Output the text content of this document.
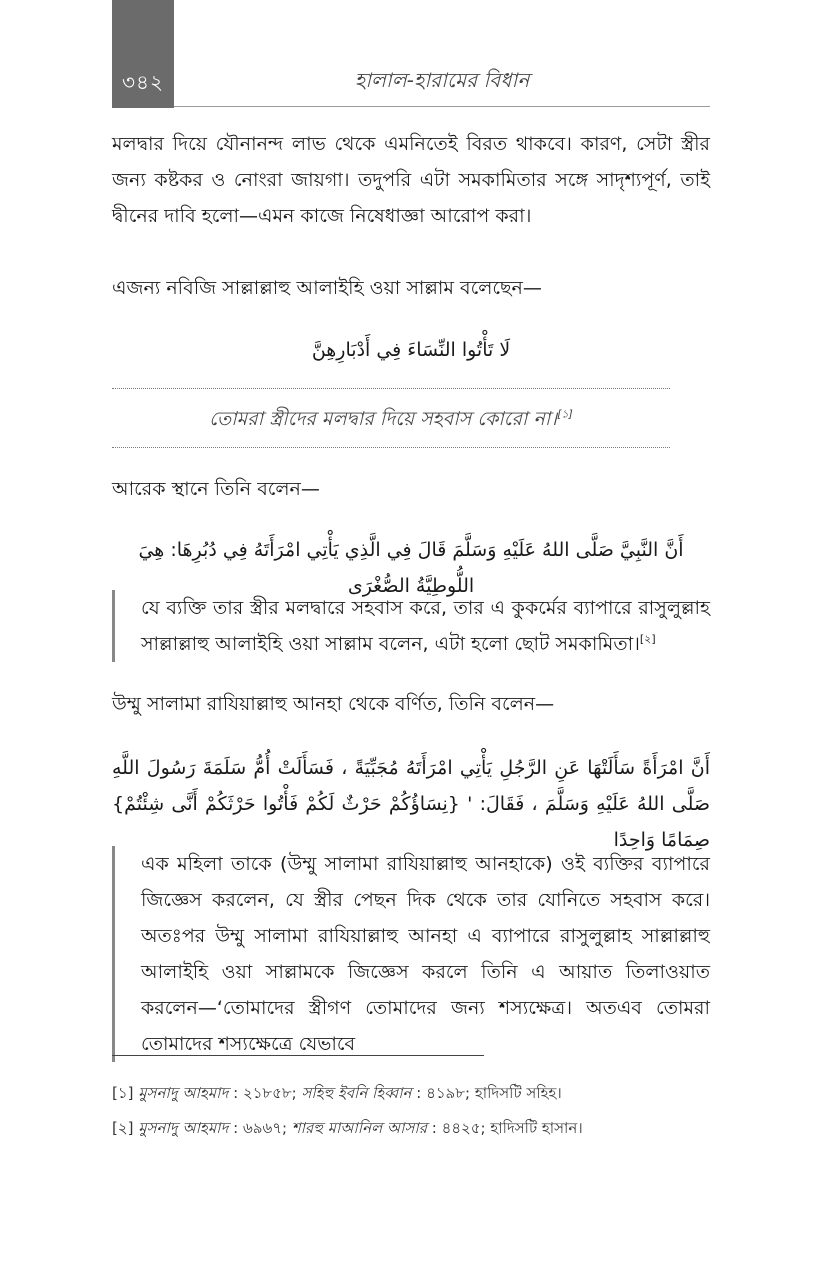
৩৪২	হালাল-হারামের বিধান

মলদ্বার দিয়ে যৌনানন্দ লাভ থেকে এমনিতেই বিরত থাকবে। কারণ, সেটা স্ত্রীর জন্য কষ্টকর ও নোংরা জায়গা। তদুপরি এটা সমকামিতার সঙ্গে সাদৃশ্যপূর্ণ, তাই দ্বীনের দাবি হলো—এমন কাজে নিষেধাজ্ঞা আরোপ করা।

এজন্য নবিজি সাল্লাল্লাহু আলাইহি ওয়া সাল্লাম বলেছেন—

لَا تَأْتُوا النِّسَاءَ فِي أَدْبَارِهِنَّ

তোমরা স্ত্রীদের মলদ্বার দিয়ে সহবাস কোরো না।[১]

আরেক স্থানে তিনি বলেন—

أَنَّ النَّبِيَّ صَلَّى اللهُ عَلَيْهِ وَسَلَّمَ قَالَ فِي الَّذِي يَأْتِي امْرَأَتَهُ فِي دُبُرِهَا: هِيَ اللُّوطِيَّةُ الصُّغْرَى

যে ব্যক্তি তার স্ত্রীর মলদ্বারে সহবাস করে, তার এ কুকর্মের ব্যাপারে রাসুলুল্লাহ সাল্লাল্লাহু আলাইহি ওয়া সাল্লাম বলেন, এটা হলো ছোট সমকামিতা।[২]

উম্মু সালামা রাযিয়াল্লাহু আনহা থেকে বর্ণিত, তিনি বলেন—

أَنَّ امْرَأَةً سَأَلَتْهَا عَنِ الرَّجُلِ يَأْتِي امْرَأَتَهُ مُجَبِّيَةً ، فَسَأَلَتْ أُمُّ سَلَمَةَ رَسُولَ اللَّهِ صَلَّى اللهُ عَلَيْهِ وَسَلَّمَ ، فَقَالَ: ' {نِسَاؤُكُمْ حَرْثٌ لَكُمْ فَأْتُوا حَرْثَكُمْ أَنَّى شِئْتُمْ} صِمَامًا وَاحِدًا

এক মহিলা তাকে (উম্মু সালামা রাযিয়াল্লাহু আনহাকে) ওই ব্যক্তির ব্যাপারে জিজ্ঞেস করলেন, যে স্ত্রীর পেছন দিক থেকে তার যোনিতে সহবাস করে। অতঃপর উম্মু সালামা রাযিয়াল্লাহু আনহা এ ব্যাপারে রাসুলুল্লাহ সাল্লাল্লাহু আলাইহি ওয়া সাল্লামকে জিজ্ঞেস করলে তিনি এ আয়াত তিলাওয়াত করলেন—‘তোমাদের স্ত্রীগণ তোমাদের জন্য শস্যক্ষেত্র। অতএব তোমরা তোমাদের শস্যক্ষেত্রে যেভাবে

[১] মুসনাদু আহমাদ : ২১৮৫৮; সহিহু ইবনি হিব্বান : ৪১৯৮; হাদিসটি সহিহ।

[২] মুসনাদু আহমাদ : ৬৯৬৭; শারহু মাআনিল আসার : ৪৪২৫; হাদিসটি হাসান।
